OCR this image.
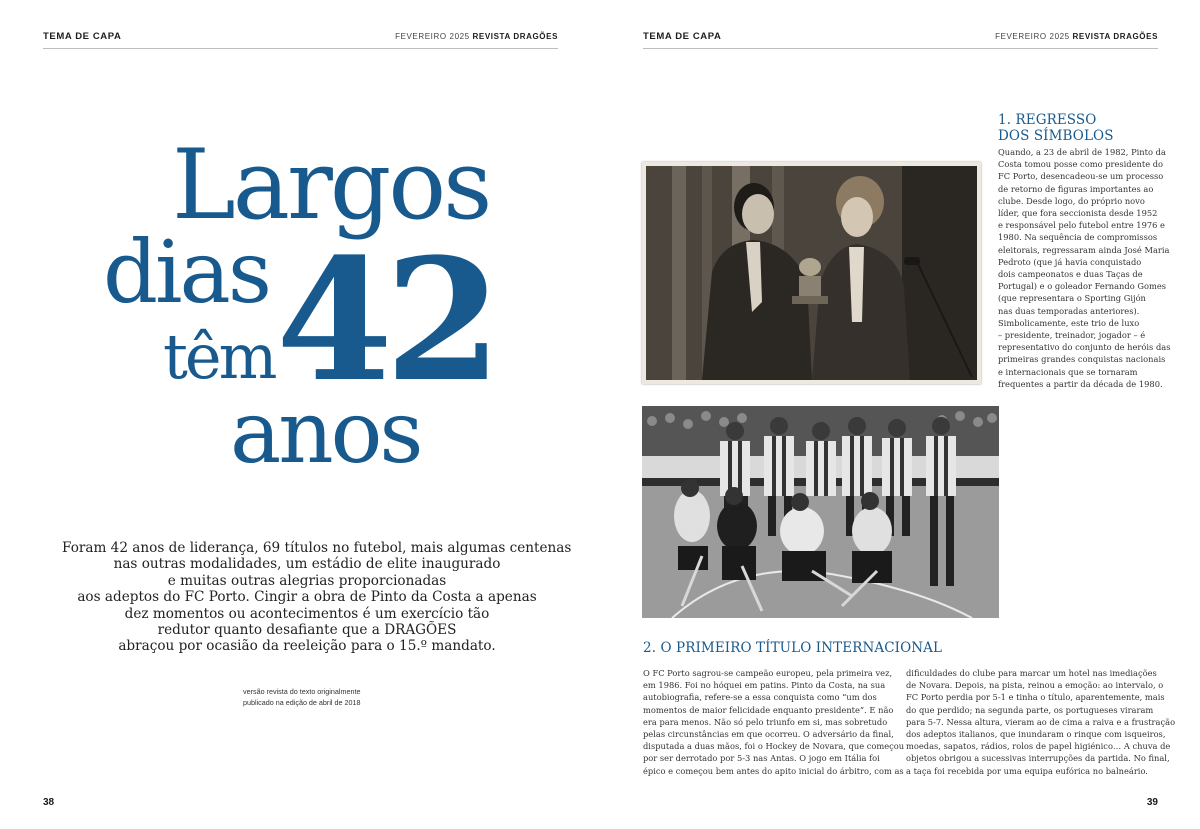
TEMA DE CAPA	FEVEREIRO 2025 REVISTA DRAGÕES
Largos
dias
têm 42
anos
Foram 42 anos de liderança, 69 títulos no futebol, mais algumas centenas
nas outras modalidades, um estádio de elite inaugurado
e muitas outras alegrias proporcionadas
aos adeptos do FC Porto. Cingir a obra de Pinto da Costa a apenas
dez momentos ou acontecimentos é um exercício tão
redutor quanto desafiante que a DRAGÕES
abraçou por ocasião da reeleição para o 15.º mandato.
versão revista do texto originalmente
publicado na edição de abril de 2018
38
TEMA DE CAPA	FEVEREIRO 2025 REVISTA DRAGÕES
1. REGRESSO
DOS SÍMBOLOS
Quando, a 23 de abril de 1982, Pinto da
Costa tomou posse como presidente do
FC Porto, desencadeou-se um processo
de retorno de figuras importantes ao
clube. Desde logo, do próprio novo
líder, que fora seccionista desde 1952
e responsável pelo futebol entre 1976 e
1980. Na sequência de compromissos
eleitorais, regressaram ainda José Maria
Pedroto (que já havia conquistado
dois campeonatos e duas Taças de
Portugal) e o goleador Fernando Gomes
(que representara o Sporting Gijón
nas duas temporadas anteriores).
Simbolicamente, este trio de luxo
– presidente, treinador, jogador – é
representativo do conjunto de heróis das
primeiras grandes conquistas nacionais
e internacionais que se tornaram
frequentes a partir da década de 1980.
2. O PRIMEIRO TÍTULO INTERNACIONAL
O FC Porto sagrou-se campeão europeu, pela primeira vez,
em 1986. Foi no hóquei em patins. Pinto da Costa, na sua
autobiografia, refere-se a essa conquista como “um dos
momentos de maior felicidade enquanto presidente”. E não
era para menos. Não só pelo triunfo em si, mas sobretudo
pelas circunstâncias em que ocorreu. O adversário da final,
disputada a duas mãos, foi o Hockey de Novara, que começou
por ser derrotado por 5-3 nas Antas. O jogo em Itália foi
épico e começou bem antes do apito inicial do árbitro, com as
dificuldades do clube para marcar um hotel nas imediações
de Novara. Depois, na pista, reinou a emoção: ao intervalo, o
FC Porto perdia por 5-1 e tinha o título, aparentemente, mais
do que perdido; na segunda parte, os portugueses viraram
para 5-7. Nessa altura, vieram ao de cima a raiva e a frustração
dos adeptos italianos, que inundaram o rinque com isqueiros,
moedas, sapatos, rádios, rolos de papel higiénico… A chuva de
objetos obrigou a sucessivas interrupções da partida. No final,
a taça foi recebida por uma equipa eufórica no balneário.
39
